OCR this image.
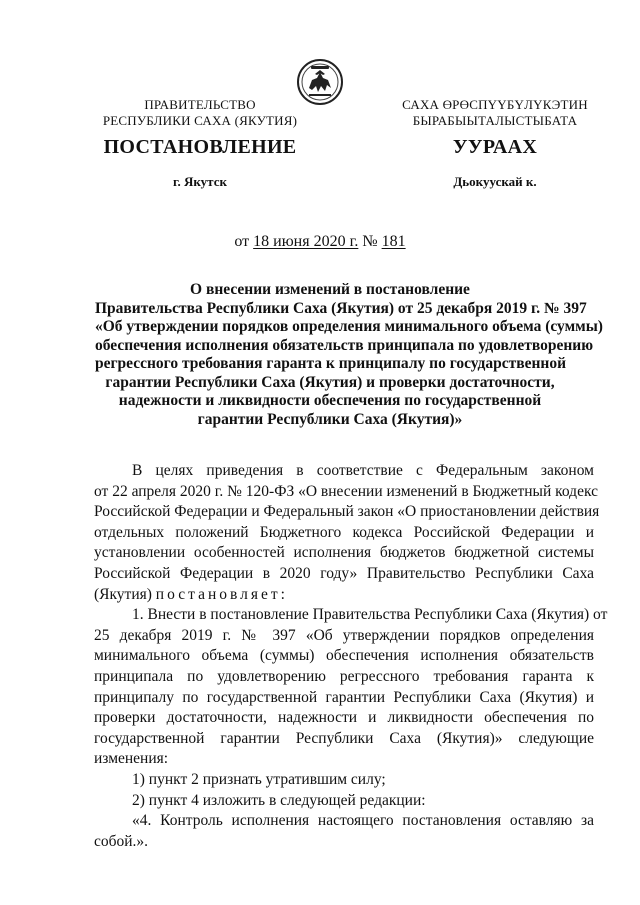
ПРАВИТЕЛЬСТВО
РЕСПУБЛИКИ САХА (ЯКУТИЯ)
САХА ӨРӨСПҮҮБҮЛҮКЭТИН
БЫРАБЫЫТАЛЫСТЫБАТА
ПОСТАНОВЛЕНИЕ	УУРААХ
г. Якутск	Дьокуускай к.
от 18 июня 2020 г. № 181
О внесении изменений в постановление
Правительства Республики Саха (Якутия) от 25 декабря 2019 г. № 397
«Об утверждении порядков определения минимального объема (суммы)
обеспечения исполнения обязательств принципала по удовлетворению
регрессного требования гаранта к принципалу по государственной
гарантии Республики Саха (Якутия) и проверки достаточности,
надежности и ликвидности обеспечения по государственной
гарантии Республики Саха (Якутия)»
В целях приведения в соответствие с Федеральным законом
от 22 апреля 2020 г. № 120-ФЗ «О внесении изменений в Бюджетный кодекс
Российской Федерации и Федеральный закон «О приостановлении действия
отдельных положений Бюджетного кодекса Российской Федерации и
установлении особенностей исполнения бюджетов бюджетной системы
Российской Федерации в 2020 году» Правительство Республики Саха
(Якутия) постановляет:
1. Внести в постановление Правительства Республики Саха (Якутия) от
25 декабря 2019 г. № 397 «Об утверждении порядков определения
минимального объема (суммы) обеспечения исполнения обязательств
принципала по удовлетворению регрессного требования гаранта к
принципалу по государственной гарантии Республики Саха (Якутия) и
проверки достаточности, надежности и ликвидности обеспечения по
государственной гарантии Республики Саха (Якутия)» следующие
изменения:
1) пункт 2 признать утратившим силу;
2) пункт 4 изложить в следующей редакции:
«4. Контроль исполнения настоящего постановления оставляю за
собой.».
